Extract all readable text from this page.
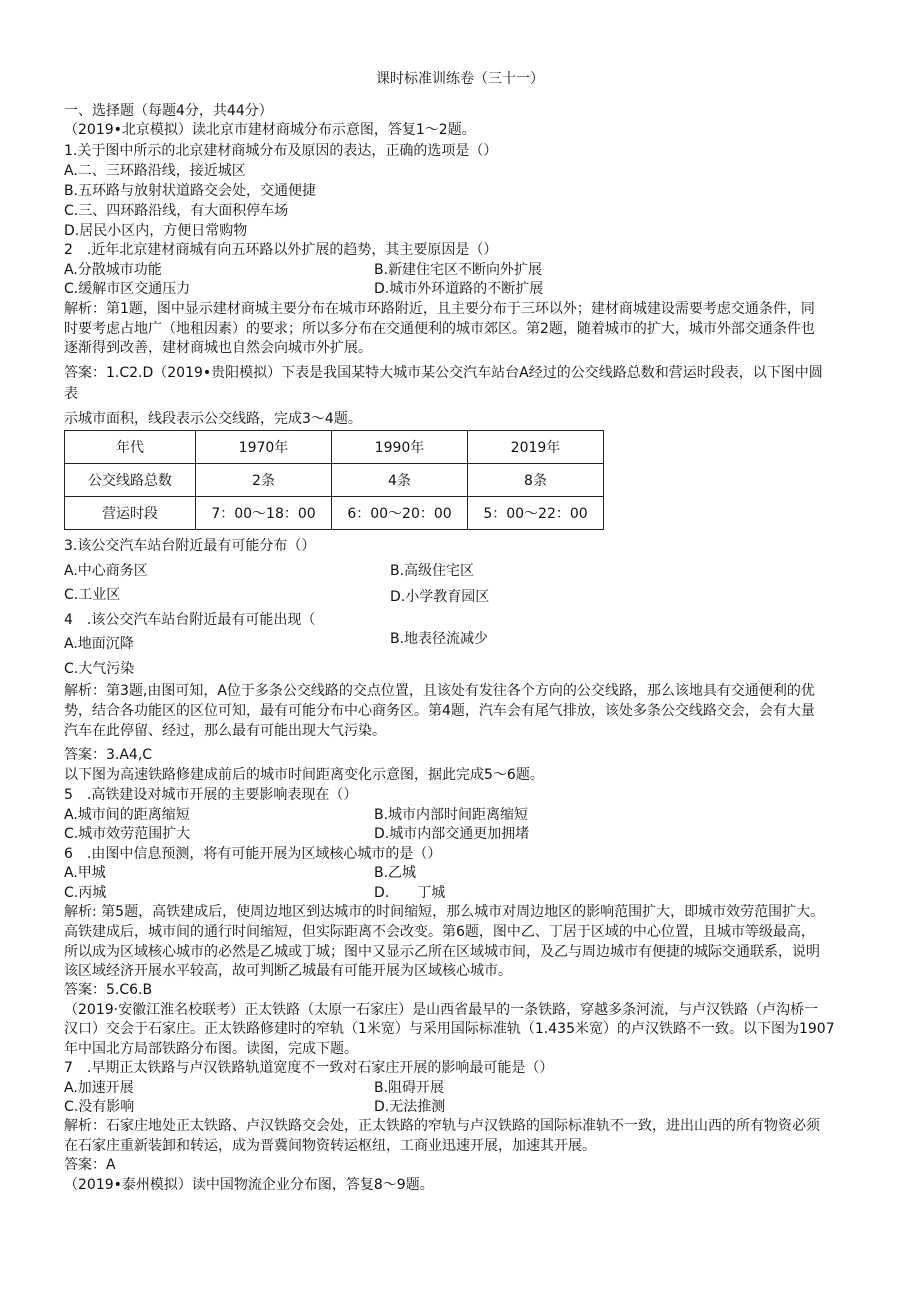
课时标准训练卷（三十一）
一、选择题（每题4分，共44分）
（2019•北京模拟）读北京市建材商城分布示意图，答复1～2题。
1.关于图中所示的北京建材商城分布及原因的表达，正确的选项是（）
A.二、三环路沿线，接近城区
B.五环路与放射状道路交会处，交通便捷
C.三、四环路沿线，有大面积停车场
D.居民小区内，方便日常购物
2　.近年北京建材商城有向五环路以外扩展的趋势，其主要原因是（）
A.分散城市功能	B.新建住宅区不断向外扩展
C.缓解市区交通压力	D.城市外环道路的不断扩展
解析：第1题，图中显示建材商城主要分布在城市环路附近，且主要分布于三环以外；建材商城建设需要考虑交通条件，同
时要考虑占地广（地租因素）的要求；所以多分布在交通便利的城市郊区。第2题，随着城市的扩大，城市外部交通条件也
逐渐得到改善，建材商城也自然会向城市外扩展。
答案：1.C2.D（2019•贵阳模拟）下表是我国某特大城市某公交汽车站台A经过的公交线路总数和营运时段表，以下图中圆
表
示城市面积，线段表示公交线路，完成3～4题。
年代	1970年	1990年	2019年
公交线路总数	2条	4条	8条
营运时段	7：00～18：00	6：00～20：00	5：00～22：00
3.该公交汽车站台附近最有可能分布（）
A.中心商务区	B.高级住宅区
C.工业区	D.小学教育园区
4　.该公交汽车站台附近最有可能出现（
A.地面沉降	B.地表径流减少
C.大气污染
解析：第3题,由图可知，A位于多条公交线路的交点位置，且该处有发往各个方向的公交线路，那么该地具有交通便利的优
势，结合各功能区的区位可知，最有可能分布中心商务区。第4题，汽车会有尾气排放，该处多条公交线路交会，会有大量
汽车在此停留、经过，那么最有可能出现大气污染。
答案：3.A4,C
以下图为高速铁路修建成前后的城市时间距离变化示意图，据此完成5～6题。
5　.高铁建设对城市开展的主要影响表现在（）
A.城市间的距离缩短	B.城市内部时间距离缩短
C.城市效劳范围扩大	D.城市内部交通更加拥堵
6　.由图中信息预测，将有可能开展为区域核心城市的是（）
A.甲城	B.乙城
C.丙城	D.　　丁城
解析: 第5题，高铁建成后，使周边地区到达城市的时间缩短，那么城市对周边地区的影响范围扩大，即城市效劳范围扩大。
高铁建成后，城市间的通行时间缩短，但实际距离不会改变。第6题，图中乙、丁居于区域的中心位置，且城市等级最高，
所以成为区域核心城市的必然是乙城或丁城；图中又显示乙所在区域城市间，及乙与周边城市有便捷的城际交通联系，说明
该区域经济开展水平较高，故可判断乙城最有可能开展为区域核心城市。
答案：5.C6.B
（2019·安徽江淮名校联考）正太铁路（太原一石家庄）是山西省最早的一条铁路，穿越多条河流，与卢汉铁路（卢沟桥一
汉口）交会于石家庄。正太铁路修建时的窄轨（1米宽）与采用国际标准轨（1.435米宽）的卢汉铁路不一致。以下图为1907
年中国北方局部铁路分布图。读图，完成下题。
7　.早期正太铁路与卢汉铁路轨道宽度不一致对石家庄开展的影响最可能是（）
A.加速开展	B.阻碍开展
C.没有影响	D.无法推测
解析：石家庄地处正太铁路、卢汉铁路交会处，正太铁路的窄轨与卢汉铁路的国际标准轨不一致，进出山西的所有物资必须
在石家庄重新装卸和转运，成为晋冀间物资转运枢纽，工商业迅速开展，加速其开展。
答案：A
（2019•泰州模拟）读中国物流企业分布图，答复8～9题。
